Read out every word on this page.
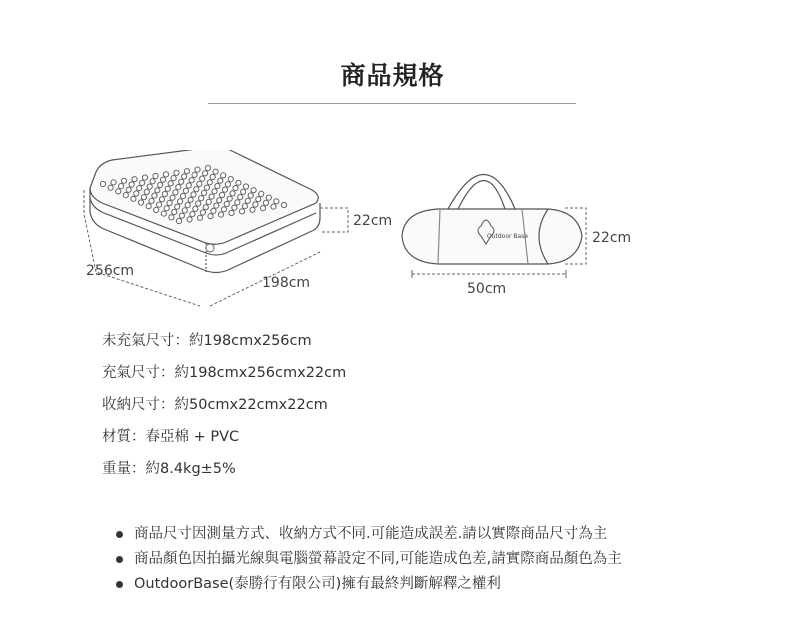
商品規格
22cm
256cm
198cm
Outdoor Base	22cm
50cm
未充氣尺寸：約198cmx256cm
充氣尺寸：約198cmx256cmx22cm
收納尺寸：約50cmx22cmx22cm
材質：春亞棉 + PVC
重量：約8.4kg±5%
商品尺寸因測量方式、收納方式不同.可能造成誤差.請以實際商品尺寸為主
商品顏色因拍攝光線與電腦螢幕設定不同,可能造成色差,請實際商品顏色為主
OutdoorBase(泰勝行有限公司)擁有最終判斷解釋之權利
